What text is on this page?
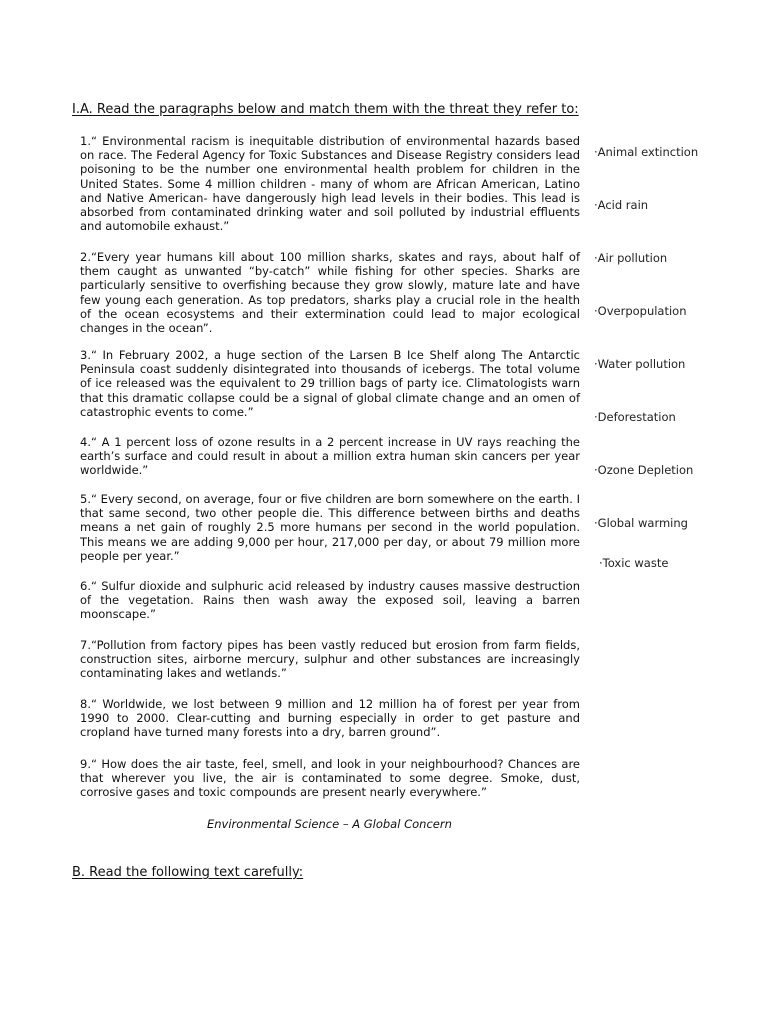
I.A. Read the paragraphs below and match them with the threat they refer to:

1.“ Environmental racism is inequitable distribution of environmental hazards based on race. The Federal Agency for Toxic Substances and Disease Registry considers lead poisoning to be the number one environmental health problem for children in the United States. Some 4 million children - many of whom are African American, Latino and Native American- have dangerously high lead levels in their bodies. This lead is absorbed from contaminated drinking water and soil polluted by industrial effluents and automobile exhaust.”

2.“Every year humans kill about 100 million sharks, skates and rays, about half of them caught as unwanted “by-catch” while fishing for other species. Sharks are particularly sensitive to overfishing because they grow slowly, mature late and have few young each generation. As top predators, sharks play a crucial role in the health of the ocean ecosystems and their extermination could lead to major ecological changes in the ocean”.

3.“ In February 2002, a huge section of the Larsen B Ice Shelf along The Antarctic Peninsula coast suddenly disintegrated into thousands of icebergs. The total volume of ice released was the equivalent to 29 trillion bags of party ice. Climatologists warn that this dramatic collapse could be a signal of global climate change and an omen of catastrophic events to come.”

4.“ A 1 percent loss of ozone results in a 2 percent increase in UV rays reaching the earth’s surface and could result in about a million extra human skin cancers per year worldwide.”

5.“ Every second, on average, four or five children are born somewhere on the earth. I that same second, two other people die. This difference between births and deaths means a net gain of roughly 2.5 more humans per second in the world population. This means we are adding 9,000 per hour, 217,000 per day, or about 79 million more people per year.”

6.“ Sulfur dioxide and sulphuric acid released by industry causes massive destruction of the vegetation. Rains then wash away the exposed soil, leaving a barren moonscape.”

7.“Pollution from factory pipes has been vastly reduced but erosion from farm fields, construction sites, airborne mercury, sulphur and other substances are increasingly contaminating lakes and wetlands.”

8.“ Worldwide, we lost between 9 million and 12 million ha of forest per year from 1990 to 2000. Clear-cutting and burning especially in order to get pasture and cropland have turned many forests into a dry, barren ground”.

9.“ How does the air taste, feel, smell, and look in your neighbourhood? Chances are that wherever you live, the air is contaminated to some degree. Smoke, dust, corrosive gases and toxic compounds are present nearly everywhere.”

·Animal extinction
·Acid rain
·Air pollution
·Overpopulation
·Water pollution
·Deforestation
·Ozone Depletion
·Global warming
·Toxic waste
Environmental Science – A Global Concern
B. Read the following text carefully:
